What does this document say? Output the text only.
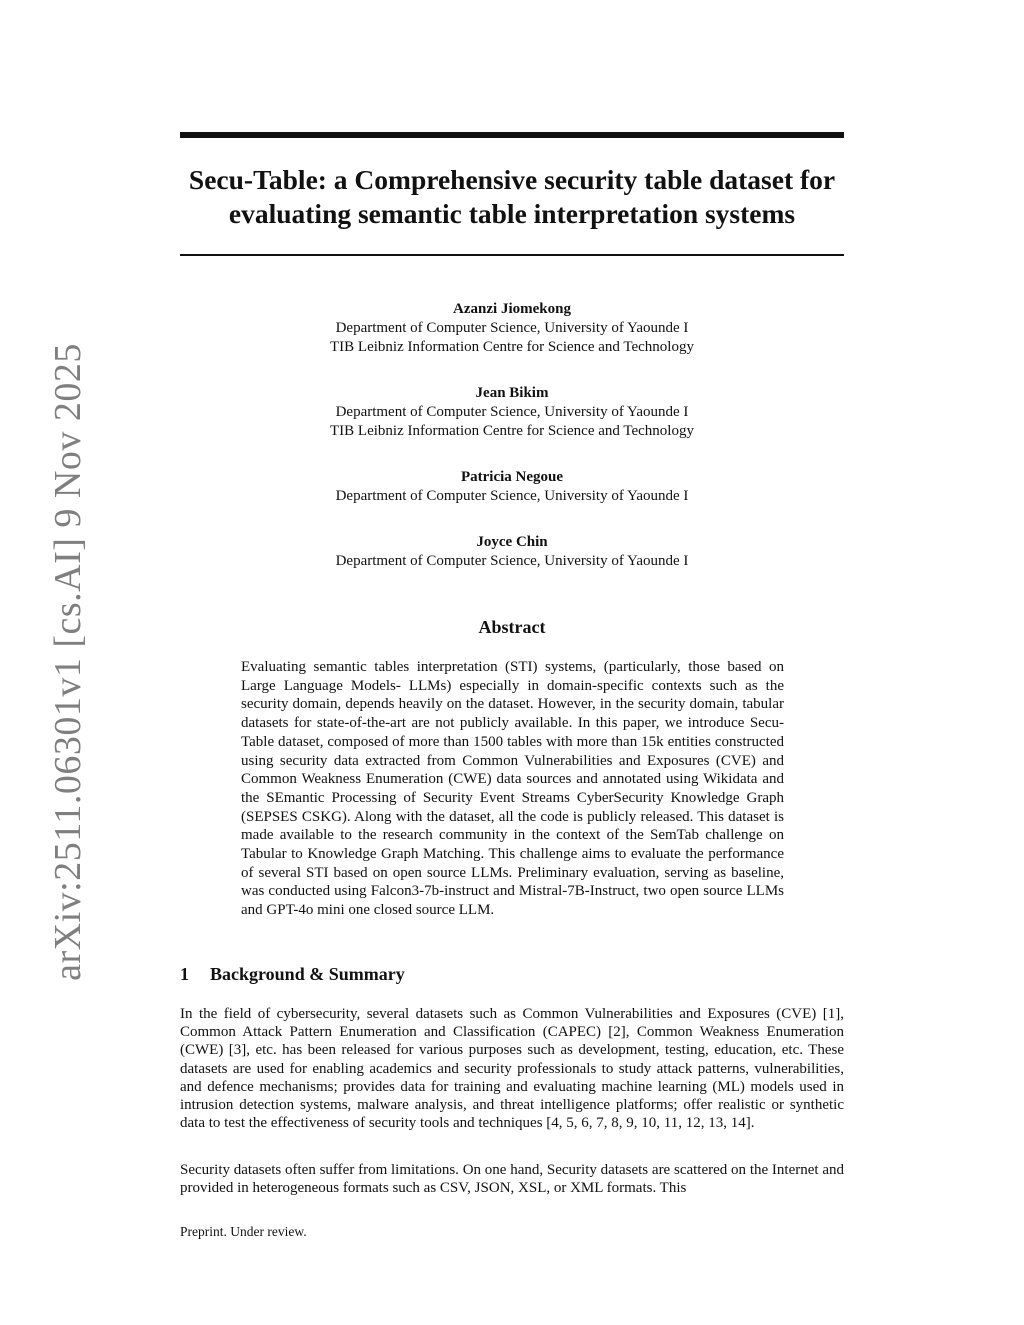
arXiv:2511.06301v1 [cs.AI] 9 Nov 2025
Secu-Table: a Comprehensive security table dataset for evaluating semantic table interpretation systems
Azanzi Jiomekong
Department of Computer Science, University of Yaounde I
TIB Leibniz Information Centre for Science and Technology
Jean Bikim
Department of Computer Science, University of Yaounde I
TIB Leibniz Information Centre for Science and Technology
Patricia Negoue
Department of Computer Science, University of Yaounde I
Joyce Chin
Department of Computer Science, University of Yaounde I
Abstract

Evaluating semantic tables interpretation (STI) systems, (particularly, those based on Large Language Models- LLMs) especially in domain-specific contexts such as the security domain, depends heavily on the dataset. However, in the security domain, tabular datasets for state-of-the-art are not publicly available. In this paper, we introduce Secu-Table dataset, composed of more than 1500 tables with more than 15k entities constructed using security data extracted from Common Vulnerabilities and Exposures (CVE) and Common Weakness Enumeration (CWE) data sources and annotated using Wikidata and the SEmantic Processing of Security Event Streams CyberSecurity Knowledge Graph (SEPSES CSKG). Along with the dataset, all the code is publicly released. This dataset is made available to the research community in the context of the SemTab challenge on Tabular to Knowledge Graph Matching. This challenge aims to evaluate the performance of several STI based on open source LLMs. Preliminary evaluation, serving as baseline, was conducted using Falcon3-7b-instruct and Mistral-7B-Instruct, two open source LLMs and GPT-4o mini one closed source LLM.

1 Background & Summary

In the field of cybersecurity, several datasets such as Common Vulnerabilities and Exposures (CVE) [1], Common Attack Pattern Enumeration and Classification (CAPEC) [2], Common Weakness Enumeration (CWE) [3], etc. has been released for various purposes such as development, testing, education, etc. These datasets are used for enabling academics and security professionals to study attack patterns, vulnerabilities, and defence mechanisms; provides data for training and evaluating machine learning (ML) models used in intrusion detection systems, malware analysis, and threat intelligence platforms; offer realistic or synthetic data to test the effectiveness of security tools and techniques [4, 5, 6, 7, 8, 9, 10, 11, 12, 13, 14].

Security datasets often suffer from limitations. On one hand, Security datasets are scattered on the Internet and provided in heterogeneous formats such as CSV, JSON, XSL, or XML formats. This

Preprint. Under review.
